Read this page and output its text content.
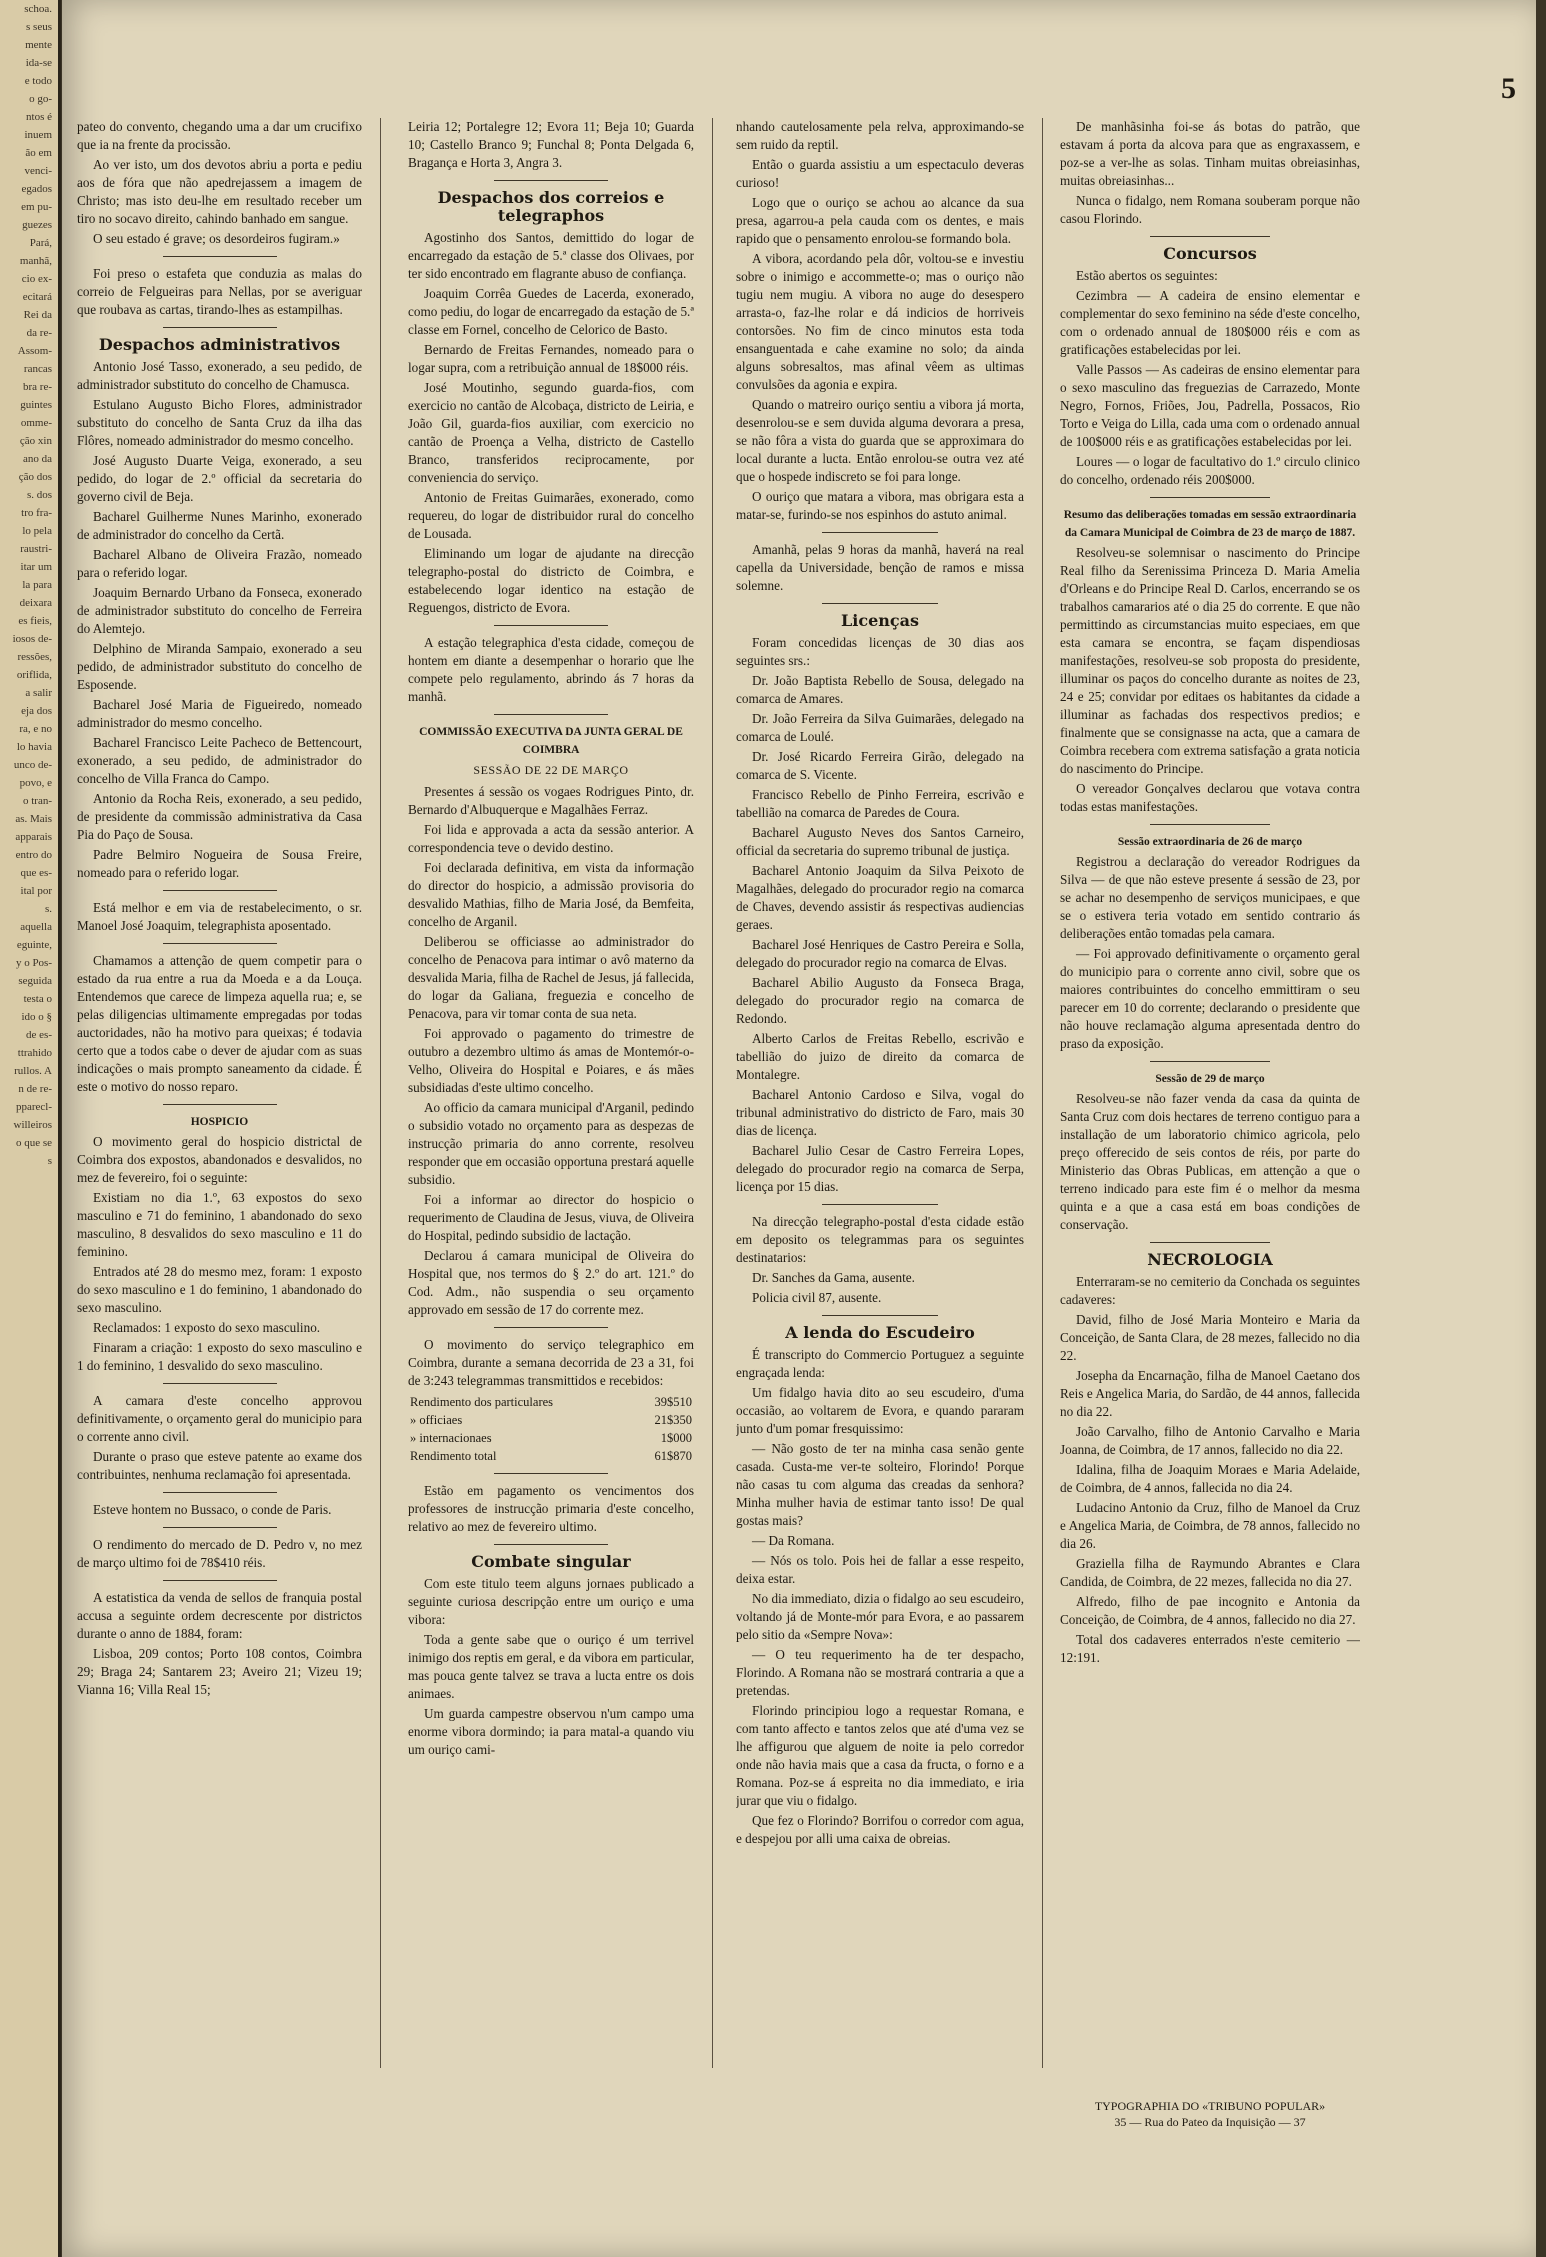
schoa.
s seus
mente
ida-se
e todo
o go-
ntos é
inuem
ão em
venci-
egados
em pu-
guezes
Pará,
manhã,
cio ex-
ecitará
Rei da
da re-
Assom-
rancas
bra re-
guintes
omme-
ção xin
ano da
ção dos
s. dos
tro fra-
lo pela
raustri-
itar um
la para
deixara
es fieis,
iosos de-
ressões,
oriflida,
a salir
eja dos
ra, e no
lo havia
unco de-
povo, e
o tran-
as. Mais
apparais
entro do
que es-
ital por
s.
aquella
eguinte,
y o Pos-
seguida
testa o
ido o §
de es-
ttrahido
rullos. A
n de re-
pparecl-
willeiros
o que se
s
5

pateo do convento, chegando uma a dar um crucifixo que ia na frente da procissão.

Ao ver isto, um dos devotos abriu a porta e pediu aos de fóra que não apedrejassem a imagem de Christo; mas isto deu-lhe em resultado receber um tiro no socavo direito, cahindo banhado em sangue.

O seu estado é grave; os desordeiros fugiram.»

Foi preso o estafeta que conduzia as malas do correio de Felgueiras para Nellas, por se averiguar que roubava as cartas, tirando-lhes as estampilhas.

Despachos administrativos

Antonio José Tasso, exonerado, a seu pedido, de administrador substituto do concelho de Chamusca.

Estulano Augusto Bicho Flores, administrador substituto do concelho de Santa Cruz da ilha das Flôres, nomeado administrador do mesmo concelho.

José Augusto Duarte Veiga, exonerado, a seu pedido, do logar de 2.º official da secretaria do governo civil de Beja.

Bacharel Guilherme Nunes Marinho, exonerado de administrador do concelho da Certã.

Bacharel Albano de Oliveira Frazão, nomeado para o referido logar.

Joaquim Bernardo Urbano da Fonseca, exonerado de administrador substituto do concelho de Ferreira do Alemtejo.

Delphino de Miranda Sampaio, exonerado a seu pedido, de administrador substituto do concelho de Esposende.

Bacharel José Maria de Figueiredo, nomeado administrador do mesmo concelho.

Bacharel Francisco Leite Pacheco de Bettencourt, exonerado, a seu pedido, de administrador do concelho de Villa Franca do Campo.

Antonio da Rocha Reis, exonerado, a seu pedido, de presidente da commissão administrativa da Casa Pia do Paço de Sousa.

Padre Belmiro Nogueira de Sousa Freire, nomeado para o referido logar.

Está melhor e em via de restabelecimento, o sr. Manoel José Joaquim, telegraphista aposentado.

Chamamos a attenção de quem competir para o estado da rua entre a rua da Moeda e a da Louça. Entendemos que carece de limpeza aquella rua; e, se pelas diligencias ultimamente empregadas por todas auctoridades, não ha motivo para queixas; é todavia certo que a todos cabe o dever de ajudar com as suas indicações o mais prompto saneamento da cidade. É este o motivo do nosso reparo.

HOSPICIO

O movimento geral do hospicio districtal de Coimbra dos expostos, abandonados e desvalidos, no mez de fevereiro, foi o seguinte:

Existiam no dia 1.º, 63 expostos do sexo masculino e 71 do feminino, 1 abandonado do sexo masculino, 8 desvalidos do sexo masculino e 11 do feminino.

Entrados até 28 do mesmo mez, foram: 1 exposto do sexo masculino e 1 do feminino, 1 abandonado do sexo masculino.

Reclamados: 1 exposto do sexo masculino.

Finaram a criação: 1 exposto do sexo masculino e 1 do feminino, 1 desvalido do sexo masculino.

A camara d'este concelho approvou definitivamente, o orçamento geral do municipio para o corrente anno civil.

Durante o praso que esteve patente ao exame dos contribuintes, nenhuma reclamação foi apresentada.

Esteve hontem no Bussaco, o conde de Paris.

O rendimento do mercado de D. Pedro v, no mez de março ultimo foi de 78$410 réis.

A estatistica da venda de sellos de franquia postal accusa a seguinte ordem decrescente por districtos durante o anno de 1884, foram:

Lisboa, 209 contos; Porto 108 contos, Coimbra 29; Braga 24; Santarem 23; Aveiro 21; Vizeu 19; Vianna 16; Villa Real 15;

Leiria 12; Portalegre 12; Evora 11; Beja 10; Guarda 10; Castello Branco 9; Funchal 8; Ponta Delgada 6, Bragança e Horta 3, Angra 3.

Despachos dos correios e telegraphos

Agostinho dos Santos, demittido do logar de encarregado da estação de 5.ª classe dos Olivaes, por ter sido encontrado em flagrante abuso de confiança.

Joaquim Corrêa Guedes de Lacerda, exonerado, como pediu, do logar de encarregado da estação de 5.ª classe em Fornel, concelho de Celorico de Basto.

Bernardo de Freitas Fernandes, nomeado para o logar supra, com a retribuição annual de 18$000 réis.

José Moutinho, segundo guarda-fios, com exercicio no cantão de Alcobaça, districto de Leiria, e João Gil, guarda-fios auxiliar, com exercicio no cantão de Proença a Velha, districto de Castello Branco, transferidos reciprocamente, por conveniencia do serviço.

Antonio de Freitas Guimarães, exonerado, como requereu, do logar de distribuidor rural do concelho de Lousada.

Eliminando um logar de ajudante na direcção telegrapho-postal do districto de Coimbra, e estabelecendo logar identico na estação de Reguengos, districto de Evora.

A estação telegraphica d'esta cidade, começou de hontem em diante a desempenhar o horario que lhe compete pelo regulamento, abrindo ás 7 horas da manhã.

COMMISSÃO EXECUTIVA DA JUNTA GERAL DE COIMBRA
SESSÃO DE 22 DE MARÇO

Presentes á sessão os vogaes Rodrigues Pinto, dr. Bernardo d'Albuquerque e Magalhães Ferraz.

Foi lida e approvada a acta da sessão anterior. A correspondencia teve o devido destino.

Foi declarada definitiva, em vista da informação do director do hospicio, a admissão provisoria do desvalido Mathias, filho de Maria José, da Bemfeita, concelho de Arganil.

Deliberou se officiasse ao administrador do concelho de Penacova para intimar o avô materno da desvalida Maria, filha de Rachel de Jesus, já fallecida, do logar da Galiana, freguezia e concelho de Penacova, para vir tomar conta de sua neta.

Foi approvado o pagamento do trimestre de outubro a dezembro ultimo ás amas de Montemór-o-Velho, Oliveira do Hospital e Poiares, e ás mães subsidiadas d'este ultimo concelho.

Ao officio da camara municipal d'Arganil, pedindo o subsidio votado no orçamento para as despezas de instrucção primaria do anno corrente, resolveu responder que em occasião opportuna prestará aquelle subsidio.

Foi a informar ao director do hospicio o requerimento de Claudina de Jesus, viuva, de Oliveira do Hospital, pedindo subsidio de lactação.

Declarou á camara municipal de Oliveira do Hospital que, nos termos do § 2.º do art. 121.º do Cod. Adm., não suspendia o seu orçamento approvado em sessão de 17 do corrente mez.

O movimento do serviço telegraphico em Coimbra, durante a semana decorrida de 23 a 31, foi de 3:243 telegrammas transmittidos e recebidos:

Rendimento dos particulares	39$510
» officiaes	21$350
» internacionaes	1$000
Rendimento total	61$870

Estão em pagamento os vencimentos dos professores de instrucção primaria d'este concelho, relativo ao mez de fevereiro ultimo.

Combate singular

Com este titulo teem alguns jornaes publicado a seguinte curiosa descripção entre um ouriço e uma vibora:

Toda a gente sabe que o ouriço é um terrivel inimigo dos reptis em geral, e da vibora em particular, mas pouca gente talvez se trava a lucta entre os dois animaes.

Um guarda campestre observou n'um campo uma enorme vibora dormindo; ia para matal-a quando viu um ouriço cami-

nhando cautelosamente pela relva, approximando-se sem ruido da reptil.

Então o guarda assistiu a um espectaculo deveras curioso!

Logo que o ouriço se achou ao alcance da sua presa, agarrou-a pela cauda com os dentes, e mais rapido que o pensamento enrolou-se formando bola.

A vibora, acordando pela dôr, voltou-se e investiu sobre o inimigo e accommette-o; mas o ouriço não tugiu nem mugiu. A vibora no auge do desespero arrasta-o, faz-lhe rolar e dá indicios de horriveis contorsões. No fim de cinco minutos esta toda ensanguentada e cahe examine no solo; da ainda alguns sobresaltos, mas afinal vêem as ultimas convulsões da agonia e expira.

Quando o matreiro ouriço sentiu a vibora já morta, desenrolou-se e sem duvida alguma devorara a presa, se não fôra a vista do guarda que se approximara do local durante a lucta. Então enrolou-se outra vez até que o hospede indiscreto se foi para longe.

O ouriço que matara a vibora, mas obrigara esta a matar-se, furindo-se nos espinhos do astuto animal.

Amanhã, pelas 9 horas da manhã, haverá na real capella da Universidade, benção de ramos e missa solemne.

Licenças

Foram concedidas licenças de 30 dias aos seguintes srs.:

Dr. João Baptista Rebello de Sousa, delegado na comarca de Amares.

Dr. João Ferreira da Silva Guimarães, delegado na comarca de Loulé.

Dr. José Ricardo Ferreira Girão, delegado na comarca de S. Vicente.

Francisco Rebello de Pinho Ferreira, escrivão e tabellião na comarca de Paredes de Coura.

Bacharel Augusto Neves dos Santos Carneiro, official da secretaria do supremo tribunal de justiça.

Bacharel Antonio Joaquim da Silva Peixoto de Magalhães, delegado do procurador regio na comarca de Chaves, devendo assistir ás respectivas audiencias geraes.

Bacharel José Henriques de Castro Pereira e Solla, delegado do procurador regio na comarca de Elvas.

Bacharel Abilio Augusto da Fonseca Braga, delegado do procurador regio na comarca de Redondo.

Alberto Carlos de Freitas Rebello, escrivão e tabellião do juizo de direito da comarca de Montalegre.

Bacharel Antonio Cardoso e Silva, vogal do tribunal administrativo do districto de Faro, mais 30 dias de licença.

Bacharel Julio Cesar de Castro Ferreira Lopes, delegado do procurador regio na comarca de Serpa, licença por 15 dias.

Na direcção telegrapho-postal d'esta cidade estão em deposito os telegrammas para os seguintes destinatarios:

Dr. Sanches da Gama, ausente.

Policia civil 87, ausente.

A lenda do Escudeiro

É transcripto do Commercio Portuguez a seguinte engraçada lenda:

Um fidalgo havia dito ao seu escudeiro, d'uma occasião, ao voltarem de Evora, e quando pararam junto d'um pomar fresquissimo:

— Não gosto de ter na minha casa senão gente casada. Custa-me ver-te solteiro, Florindo! Porque não casas tu com alguma das creadas da senhora? Minha mulher havia de estimar tanto isso! De qual gostas mais?

— Da Romana.

— Nós os tolo. Pois hei de fallar a esse respeito, deixa estar.

No dia immediato, dizia o fidalgo ao seu escudeiro, voltando já de Monte-mór para Evora, e ao passarem pelo sitio da «Sempre Nova»:

— O teu requerimento ha de ter despacho, Florindo. A Romana não se mostrará contraria a que a pretendas.

Florindo principiou logo a requestar Romana, e com tanto affecto e tantos zelos que até d'uma vez se lhe affigurou que alguem de noite ia pelo corredor onde não havia mais que a casa da fructa, o forno e a Romana. Poz-se á espreita no dia immediato, e iria jurar que viu o fidalgo.

Que fez o Florindo? Borrifou o corredor com agua, e despejou por alli uma caixa de obreias.

De manhãsinha foi-se ás botas do patrão, que estavam á porta da alcova para que as engraxassem, e poz-se a ver-lhe as solas. Tinham muitas obreiasinhas, muitas obreiasinhas...

Nunca o fidalgo, nem Romana souberam porque não casou Florindo.

Concursos

Estão abertos os seguintes:

Cezimbra — A cadeira de ensino elementar e complementar do sexo feminino na séde d'este concelho, com o ordenado annual de 180$000 réis e com as gratificações estabelecidas por lei.

Valle Passos — As cadeiras de ensino elementar para o sexo masculino das freguezias de Carrazedo, Monte Negro, Fornos, Friões, Jou, Padrella, Possacos, Rio Torto e Veiga do Lilla, cada uma com o ordenado annual de 100$000 réis e as gratificações estabelecidas por lei.

Loures — o logar de facultativo do 1.º circulo clinico do concelho, ordenado réis 200$000.

Resumo das deliberações tomadas em sessão extraordinaria da Camara Municipal de Coimbra de 23 de março de 1887.

Resolveu-se solemnisar o nascimento do Principe Real filho da Serenissima Princeza D. Maria Amelia d'Orleans e do Principe Real D. Carlos, encerrando se os trabalhos camararios até o dia 25 do corrente. E que não permittindo as circumstancias muito especiaes, em que esta camara se encontra, se façam dispendiosas manifestações, resolveu-se sob proposta do presidente, illuminar os paços do concelho durante as noites de 23, 24 e 25; convidar por editaes os habitantes da cidade a illuminar as fachadas dos respectivos predios; e finalmente que se consignasse na acta, que a camara de Coimbra recebera com extrema satisfação a grata noticia do nascimento do Principe.

O vereador Gonçalves declarou que votava contra todas estas manifestações.

Sessão extraordinaria de 26 de março

Registrou a declaração do vereador Rodrigues da Silva — de que não esteve presente á sessão de 23, por se achar no desempenho de serviços municipaes, e que se o estivera teria votado em sentido contrario ás deliberações então tomadas pela camara.

— Foi approvado definitivamente o orçamento geral do municipio para o corrente anno civil, sobre que os maiores contribuintes do concelho emmittiram o seu parecer em 10 do corrente; declarando o presidente que não houve reclamação alguma apresentada dentro do praso da exposição.

Sessão de 29 de março

Resolveu-se não fazer venda da casa da quinta de Santa Cruz com dois hectares de terreno contiguo para a installação de um laboratorio chimico agricola, pelo preço offerecido de seis contos de réis, por parte do Ministerio das Obras Publicas, em attenção a que o terreno indicado para este fim é o melhor da mesma quinta e a que a casa está em boas condições de conservação.

NECROLOGIA

Enterraram-se no cemiterio da Conchada os seguintes cadaveres:

David, filho de José Maria Monteiro e Maria da Conceição, de Santa Clara, de 28 mezes, fallecido no dia 22.

Josepha da Encarnação, filha de Manoel Caetano dos Reis e Angelica Maria, do Sardão, de 44 annos, fallecida no dia 22.

João Carvalho, filho de Antonio Carvalho e Maria Joanna, de Coimbra, de 17 annos, fallecido no dia 22.

Idalina, filha de Joaquim Moraes e Maria Adelaide, de Coimbra, de 4 annos, fallecida no dia 24.

Ludacino Antonio da Cruz, filho de Manoel da Cruz e Angelica Maria, de Coimbra, de 78 annos, fallecido no dia 26.

Graziella filha de Raymundo Abrantes e Clara Candida, de Coimbra, de 22 mezes, fallecida no dia 27.

Alfredo, filho de pae incognito e Antonia da Conceição, de Coimbra, de 4 annos, fallecido no dia 27.

Total dos cadaveres enterrados n'este cemiterio — 12:191.

TYPOGRAPHIA DO «TRIBUNO POPULAR»
35 — Rua do Pateo da Inquisição — 37
